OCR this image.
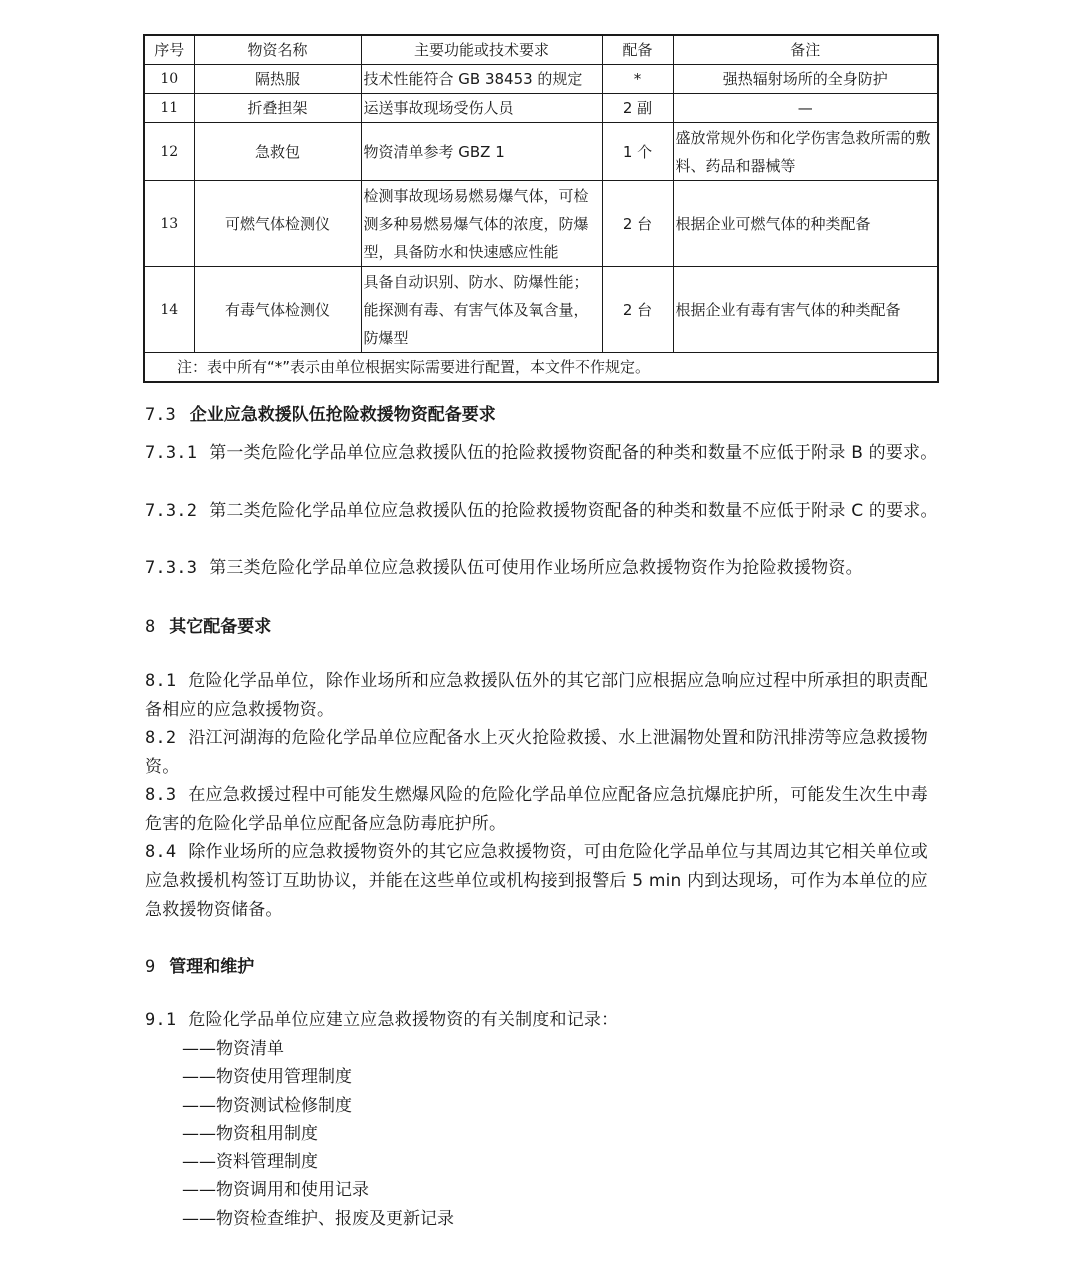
序号	物资名称	主要功能或技术要求	配备	备注
10	隔热服	技术性能符合 GB 38453 的规定	*	强热辐射场所的全身防护
11	折叠担架	运送事故现场受伤人员	2 副	—
12	急救包	物资清单参考 GBZ 1	1 个	盛放常规外伤和化学伤害急救所需的敷料、药品和器械等
13	可燃气体检测仪	检测事故现场易燃易爆气体，可检测多种易燃易爆气体的浓度，防爆型，具备防水和快速感应性能	2 台	根据企业可燃气体的种类配备
14	有毒气体检测仪	具备自动识别、防水、防爆性能；能探测有毒、有害气体及氧含量，防爆型	2 台	根据企业有毒有害气体的种类配备
注：表中所有“*”表示由单位根据实际需要进行配置，本文件不作规定。				
7.3 企业应急救援队伍抢险救援物资配备要求
7.3.1 第一类危险化学品单位应急救援队伍的抢险救援物资配备的种类和数量不应低于附录 B 的要求。
7.3.2 第二类危险化学品单位应急救援队伍的抢险救援物资配备的种类和数量不应低于附录 C 的要求。
7.3.3 第三类危险化学品单位应急救援队伍可使用作业场所应急救援物资作为抢险救援物资。
8 其它配备要求
8.1 危险化学品单位，除作业场所和应急救援队伍外的其它部门应根据应急响应过程中所承担的职责配备相应的应急救援物资。
8.2 沿江河湖海的危险化学品单位应配备水上灭火抢险救援、水上泄漏物处置和防汛排涝等应急救援物资。
8.3 在应急救援过程中可能发生燃爆风险的危险化学品单位应配备应急抗爆庇护所，可能发生次生中毒危害的危险化学品单位应配备应急防毒庇护所。
8.4 除作业场所的应急救援物资外的其它应急救援物资，可由危险化学品单位与其周边其它相关单位或应急救援机构签订互助协议，并能在这些单位或机构接到报警后 5 min 内到达现场，可作为本单位的应急救援物资储备。
9 管理和维护
9.1 危险化学品单位应建立应急救援物资的有关制度和记录：
——物资清单
——物资使用管理制度
——物资测试检修制度
——物资租用制度
——资料管理制度
——物资调用和使用记录
——物资检查维护、报废及更新记录
